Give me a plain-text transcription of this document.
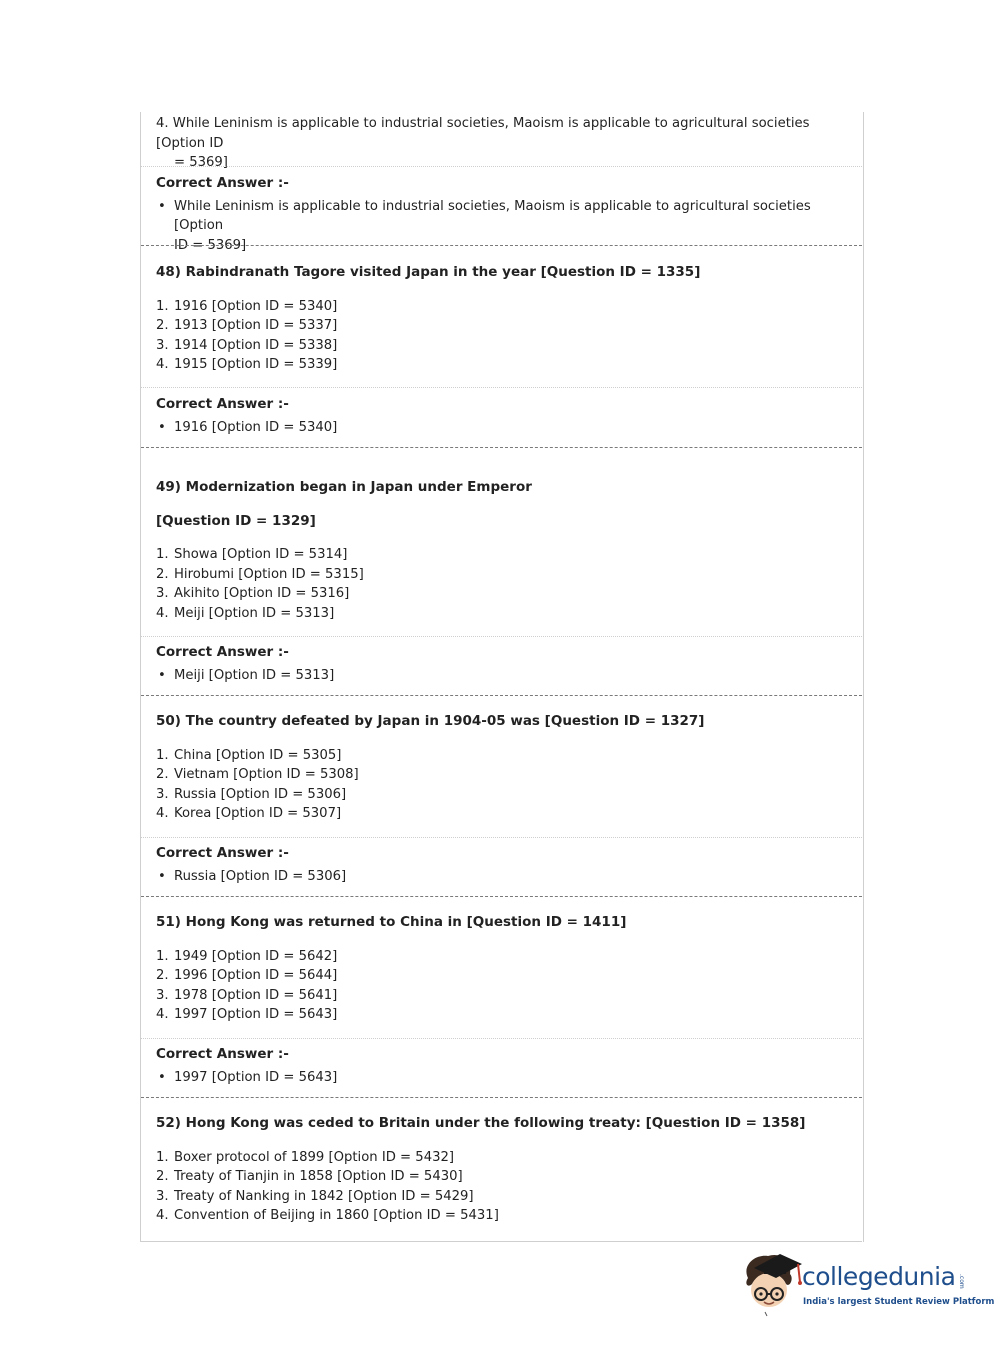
4. While Leninism is applicable to industrial societies, Maoism is applicable to agricultural societies [Option ID
= 5369]
Correct Answer :-
• While Leninism is applicable to industrial societies, Maoism is applicable to agricultural societies [Option
ID = 5369]
48) Rabindranath Tagore visited Japan in the year [Question ID = 1335]
1. 1916 [Option ID = 5340]
2. 1913 [Option ID = 5337]
3. 1914 [Option ID = 5338]
4. 1915 [Option ID = 5339]
Correct Answer :-
• 1916 [Option ID = 5340]
49) Modernization began in Japan under Emperor
[Question ID = 1329]
1. Showa [Option ID = 5314]
2. Hirobumi [Option ID = 5315]
3. Akihito [Option ID = 5316]
4. Meiji [Option ID = 5313]
Correct Answer :-
• Meiji [Option ID = 5313]
50) The country defeated by Japan in 1904-05 was [Question ID = 1327]
1. China [Option ID = 5305]
2. Vietnam [Option ID = 5308]
3. Russia [Option ID = 5306]
4. Korea [Option ID = 5307]
Correct Answer :-
• Russia [Option ID = 5306]
51) Hong Kong was returned to China in [Question ID = 1411]
1. 1949 [Option ID = 5642]
2. 1996 [Option ID = 5644]
3. 1978 [Option ID = 5641]
4. 1997 [Option ID = 5643]
Correct Answer :-
• 1997 [Option ID = 5643]
52) Hong Kong was ceded to Britain under the following treaty: [Question ID = 1358]
1. Boxer protocol of 1899 [Option ID = 5432]
2. Treaty of Tianjin in 1858 [Option ID = 5430]
3. Treaty of Nanking in 1842 [Option ID = 5429]
4. Convention of Beijing in 1860 [Option ID = 5431]
collegedunia .com
India's largest Student Review Platform
